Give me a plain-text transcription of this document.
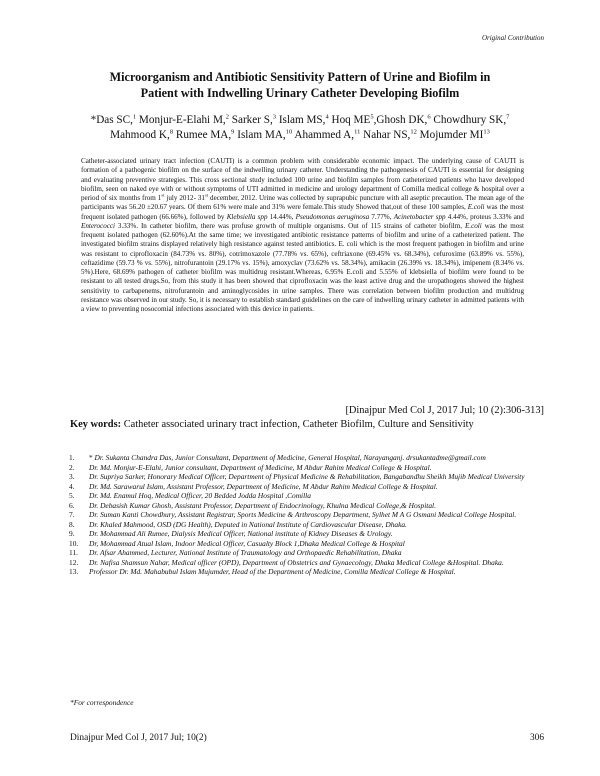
Original Contribution
Microorganism and Antibiotic Sensitivity Pattern of Urine and Biofilm in
Patient with Indwelling Urinary Catheter Developing Biofilm
*Das SC,$^1$ Monjur-E-Elahi M,$^2$ Sarker S,$^3$ Islam MS,$^4$ Hoq $ME^5,Ghosh$ DK,$^6$ Chowdhury SK,$^7$
Mahmood K,$^8$ Rumee MA,$^9$ Islam MA,$^{10}$ Ahammed A,$^{11}$ Nahar NS,$^{12}$ Mojumder MI$^{13}$

Catheter-associated urinary tract infection (CAUTI) is a common problem with considerable economic impact. The underlying cause of CAUTI is formation of a pathogenic biofilm on the surface of the indwelling urinary catheter. Understanding the pathogenesis of CAUTI is essential for designing and evaluating preventive strategies. This cross sectional study included 100 urine and biofilm samples from catheterized patients who have developed biofilm, seen on naked eye with or without symptoms of UTI admitted in medicine and urology department of Comilla medical college & hospital over a period of six months from 1st july 2012- 31st december, 2012. Urine was collected by suprapubic puncture with all aseptic precaution. The mean age of the participants was 56.20 ±20.67 years. Of them 61% were male and 31% were female.This study Showed that,out of these 100 samples, E.coli was the most frequent isolated pathogen (66.66%), followed by Klebsiella spp 14.44%, Pseudomonas aeruginosa 7.77%, Acinetobacter spp 4.44%, proteus 3.33% and Enterococci 3.33%. In catheter biofilm, there was profuse growth of multiple organisms. Out of 115 strains of catheter biofilm, E.coli was the most frequent isolated pathogen (62.60%).At the same time; we investigated antibiotic resistance patterns of biofilm and urine of a catheterized patient. The investigated biofilm strains displayed relatively high resistance against tested antibiotics. E. coli which is the most frequent pathogen in biofilm and urine was resistant to ciprofloxacin (84.73% vs. 80%), cotrimoxazole (77.78% vs. 65%), ceftriaxone (69.45% vs. 68.34%), cefuroxime (63.89% vs. 55%), ceftazidime (59.73 % vs. 55%), nitrofurantoin (29.17% vs. 15%), amoxyclav (73.62% vs. 58.34%), amikacin (26.39% vs. 18.34%), imipenem (8.34% vs. 5%).Here, 68.69% pathogen of catheter biofilm was multidrug resistant.Whereas, 6.95% E.coli and 5.55% of klebsiella of biofilm were found to be resistant to all tested drugs.So, from this study it has been showed that ciprofloxacin was the least active drug and the uropathogens showed the highest sensitivity to carbapenems, nitrofurantoin and aminoglycosides in urine samples. There was correlation between biofilm production and multidrug resistance was observed in our study. So, it is necessary to establish standard guidelines on the care of indwelling urinary catheter in admitted patients with a view to preventing nosocomial infections associated with this device in patients.

[Dinajpur Med Col J, 2017 Jul; 10 (2):306-313]
Key words: Catheter associated urinary tract infection, Catheter Biofilm, Culture and Sensitivity
1. * Dr. Sukanta Chandra Das, Junior Consultant, Department of Medicine, General Hospital, Narayanganj. drsukantadme@gmail.com
2. Dr. Md. Monjur-E-Elahi, Junior consultant, Department of Medicine, M Abdur Rahim Medical College & Hospital.
3. Dr. Supriya Sarker, Honorary Medical Officer, Department of Physical Medicine & Rehabilitation, Bangabandhu Sheikh Mujib Medical University
4. Dr. Md. Sarawarul Islam, Assistant Professor, Department of Medicine, M Abdur Rahim Medical College & Hospital.
5. Dr. Md. Enamul Hoq, Medical Officer, 20 Bedded Jodda Hospital ,Comilla
6. Dr. Debasish Kumar Ghosh, Assistant Professor, Department of Endocrinology, Khulna Medical College,& Hospital.
7. Dr. Suman Kanti Chowdhury, Assistant Registrar, Sports Medicine & Arthroscopy Department, Sylhet M A G Osmani Medical College Hospital.
8. Dr. Khaled Mahmood, OSD (DG Health), Deputed in National Institute of Cardiovascular Disease, Dhaka.
9. Dr. Mohammad Ali Rumee, Dialysis Medical Officer, National institute of Kidney Diseases & Urology.
10. Dr, Mohammad Atual Islam, Indoor Medical Officer, Casualty Block 1,Dhaka Medical College & Hospital
11. Dr. Afsar Ahammed, Lecturer, National Institute of Traumatology and Orthopaedic Rehabilitation, Dhaka
12. Dr. Nafisa Shamsun Nahar, Medical officer (OPD), Department of Obstetrics and Gynaecology, Dhaka Medical College &Hospital. Dhaka.
13. Professor Dr. Md. Mahabubul Islam Mujumder, Head of the Department of Medicine, Comilla Medical College & Hospital.
*For correspondence
Dinajpur Med Col J, 2017 Jul; 10(2)	306
